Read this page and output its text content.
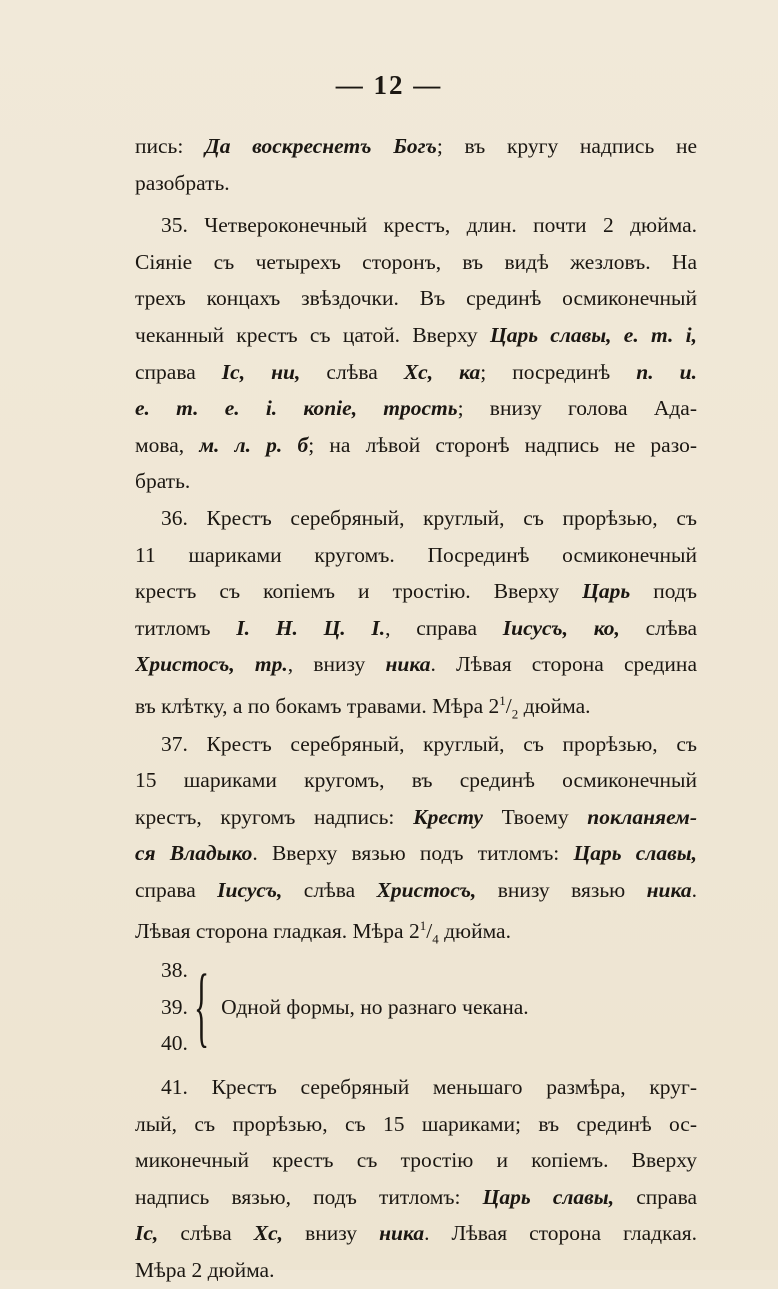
— 12 —
пись: Да воскреснетъ Богъ; въ кругу надпись не
разобрать.
35. Четвероконечный крестъ, длин. почти 2 дюйма.
Сіяніе съ четырехъ сторонъ, въ видѣ жезловъ. На
трехъ концахъ звѣздочки. Въ срединѣ осмиконечный
чеканный крестъ съ цатой. Вверху Царь славы, е. т. і,
справа Іс, ни, слѣва Хс, ка; посрединѣ п. и.
е. т. е. і. копіе, трость; внизу голова Ада-
мова, м. л. р. б; на лѣвой сторонѣ надпись не разо-
брать.
36. Крестъ серебряный, круглый, съ прорѣзью, съ
11 шариками кругомъ. Посрединѣ осмиконечный
крестъ съ копіемъ и тростію. Вверху Царь подъ
титломъ І. Н. Ц. І., справа Іисусъ, ко, слѣва
Христосъ, тр., внизу ника. Лѣвая сторона средина
въ клѣтку, а по бокамъ травами. Мѣра $2^1/_2$ дюйма.
37. Крестъ серебряный, круглый, съ прорѣзью, съ
15 шариками кругомъ, въ срединѣ осмиконечный
крестъ, кругомъ надпись: Кресту Твоему покланяем-
ся Владыко. Вверху вязью подъ титломъ: Царь славы,
справа Іисусъ, слѣва Христосъ, внизу вязью ника.
Лѣвая сторона гладкая. Мѣра $2^1/_4$ дюйма.
38.
39.
40. { Одной формы, но разнаго чекана.
41. Крестъ серебряный меньшаго размѣра, круг-
лый, съ прорѣзью, съ 15 шариками; въ срединѣ ос-
миконечный крестъ съ тростію и копіемъ. Вверху
надпись вязью, подъ титломъ: Царь славы, справа
Іс, слѣва Хс, внизу ника. Лѣвая сторона гладкая.
Мѣра 2 дюйма.
